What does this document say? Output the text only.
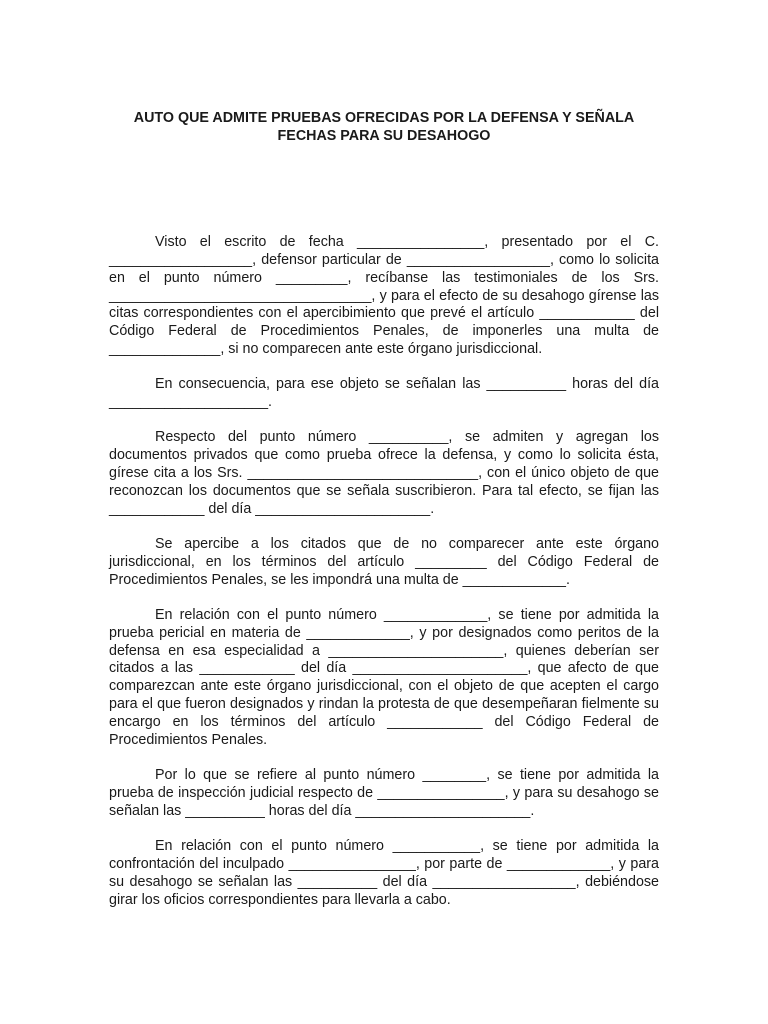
AUTO QUE ADMITE PRUEBAS OFRECIDAS POR LA DEFENSA Y SEÑALA
FECHAS PARA SU DESAHOGO

Visto el escrito de fecha ________________, presentado por el C. __________________, defensor particular de __________________, como lo solicita en el punto número _________, recíbanse las testimoniales de los Srs. _________________________________, y para el efecto de su desahogo gírense las citas correspondientes con el apercibimiento que prevé el artículo ____________ del Código Federal de Procedimientos Penales, de imponerles una multa de ______________, si no comparecen ante este órgano jurisdiccional.

En consecuencia, para ese objeto se señalan las __________ horas del día ____________________.

Respecto del punto número __________, se admiten y agregan los documentos privados que como prueba ofrece la defensa, y como lo solicita ésta, gírese cita a los Srs. _____________________________, con el único objeto de que reconozcan los documentos que se señala suscribieron. Para tal efecto, se fijan las ____________ del día ______________________.

Se apercibe a los citados que de no comparecer ante este órgano jurisdiccional, en los términos del artículo _________ del Código Federal de Procedimientos Penales, se les impondrá una multa de _____________.

En relación con el punto número _____________, se tiene por admitida la prueba pericial en materia de _____________, y por designados como peritos de la defensa en esa especialidad a ______________________, quienes deberían ser citados a las ____________ del día ______________________, que afecto de que comparezcan ante este órgano jurisdiccional, con el objeto de que acepten el cargo para el que fueron designados y rindan la protesta de que desempeñaran fielmente su encargo en los términos del artículo ____________ del Código Federal de Procedimientos Penales.

Por lo que se refiere al punto número ________, se tiene por admitida la prueba de inspección judicial respecto de ________________, y para su desahogo se señalan las __________ horas del día ______________________.

En relación con el punto número ___________, se tiene por admitida la confrontación del inculpado ________________, por parte de _____________, y para su desahogo se señalan las __________ del día __________________, debiéndose girar los oficios correspondientes para llevarla a cabo.
